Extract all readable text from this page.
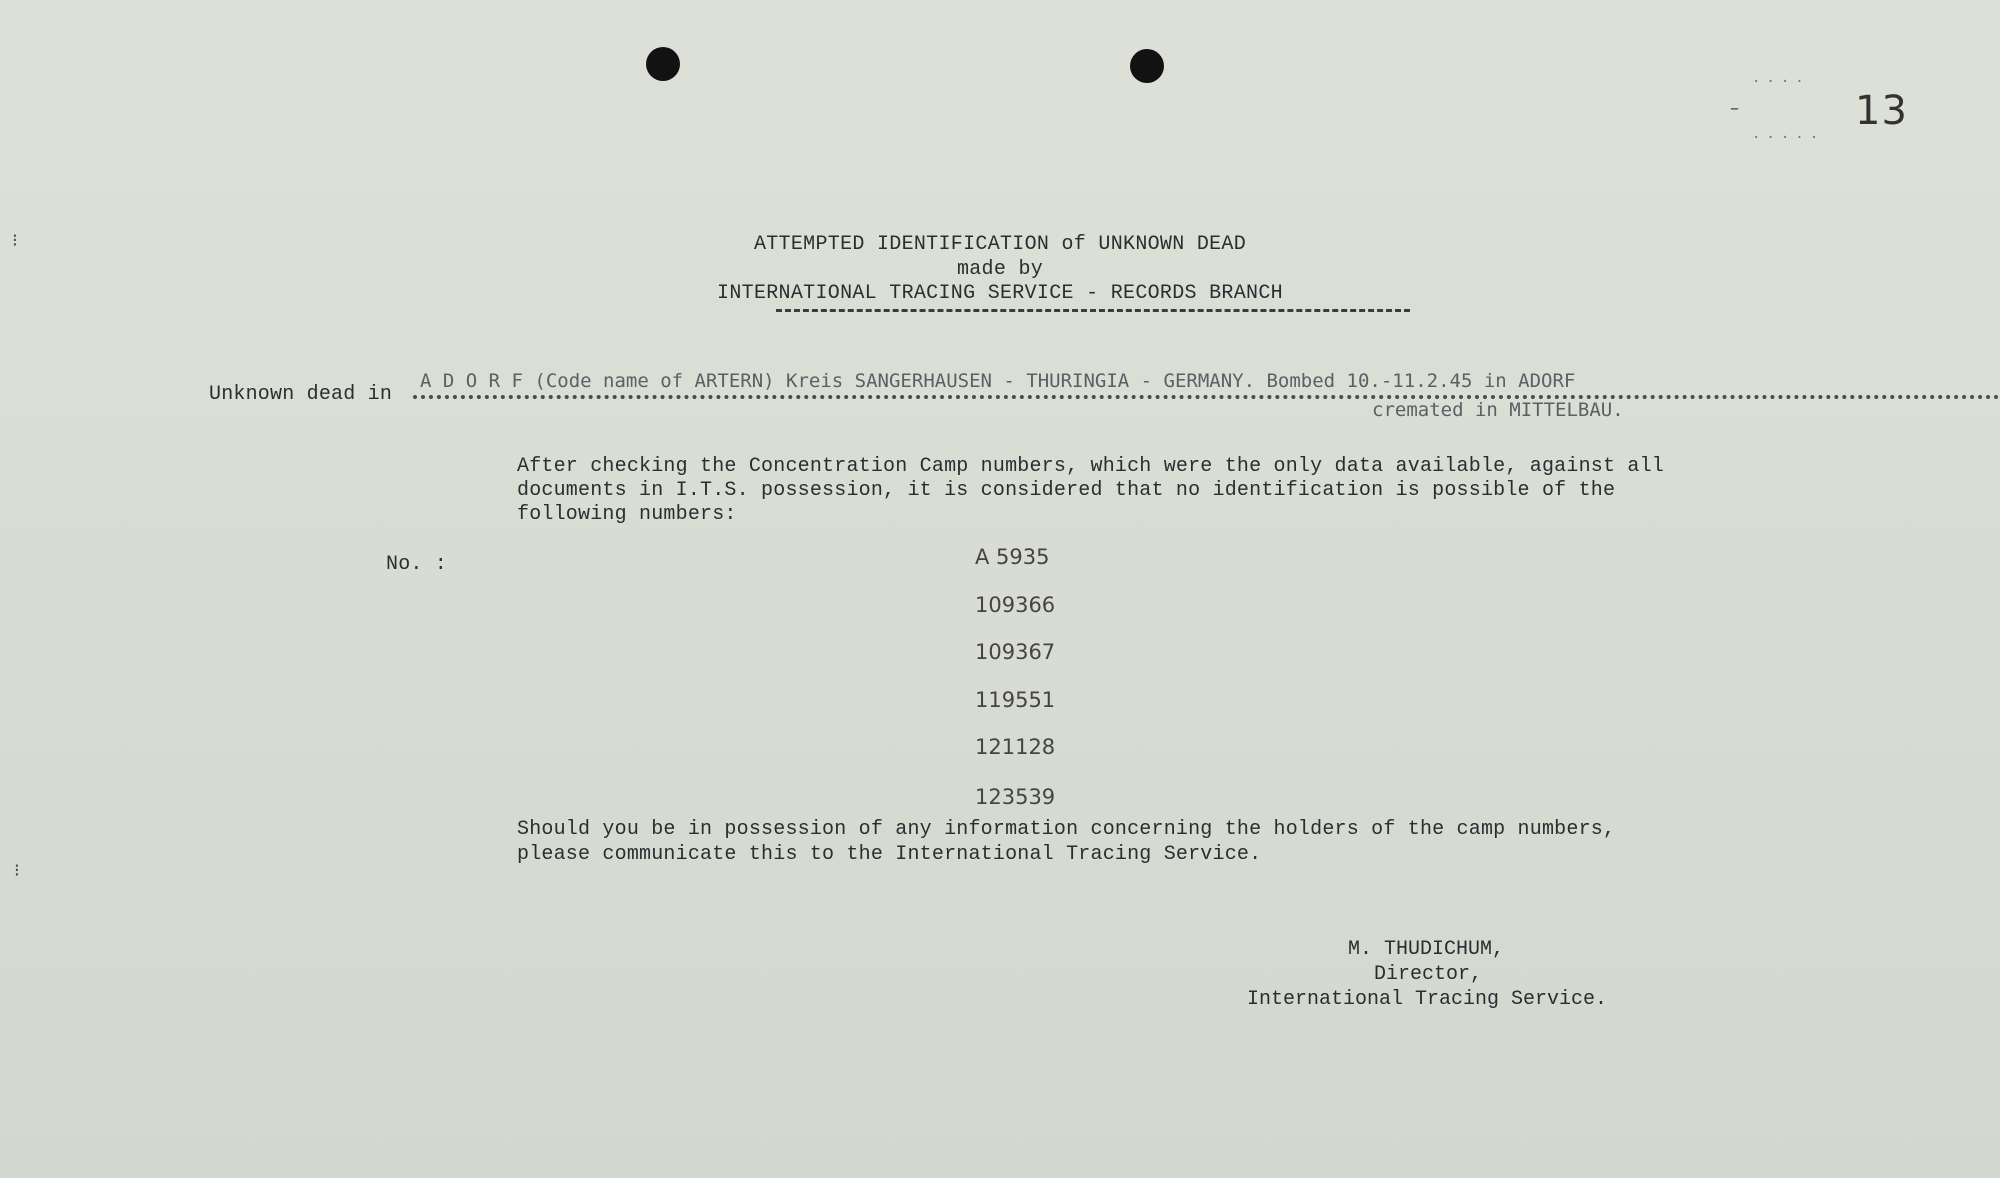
....
.....
–	13
⁝
⁝
ATTEMPTED IDENTIFICATION of UNKNOWN DEAD
made by
INTERNATIONAL TRACING SERVICE - RECORDS BRANCH
Unknown dead in
A D O R F (Code name of ARTERN) Kreis SANGERHAUSEN - THURINGIA - GERMANY. Bombed 10.-11.2.45 in ADORF
cremated in MITTELBAU.
After checking the Concentration Camp numbers, which were the only data available, against all
documents in I.T.S. possession, it is considered that no identification is possible of the
following numbers:
No. :	A 5935
109366
109367
119551
121128
123539
Should you be in possession of any information concerning the holders of the camp numbers,
please communicate this to the International Tracing Service.
M. THUDICHUM,
Director,
International Tracing Service.
